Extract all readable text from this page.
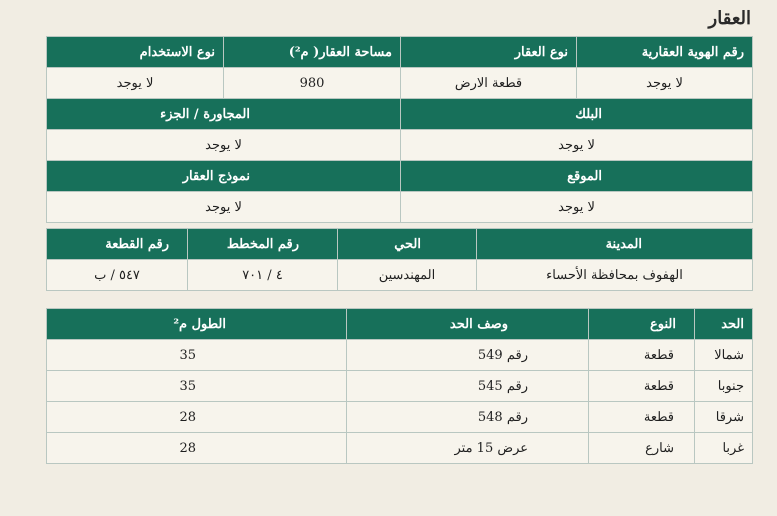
العقار
رقم الهوية العقارية	نوع العقار	مساحة العقار( م²)	نوع الاستخدام
لا يوجد	قطعة الارض	980	لا يوجد
البلك		المجاورة / الجزء	
لا يوجد		لا يوجد	
الموقع		نموذج العقار	
لا يوجد		لا يوجد	
المدينة	الحي	رقم المخطط	رقم القطعة
الهفوف بمحافظة الأحساء	المهندسين	٤ / ٧٠١	٥٤٧ / ب
الحد	النوع	وصف الحد	الطول م²
شمالا	قطعة	رقم 549	35
جنوبا	قطعة	رقم 545	35
شرقا	قطعة	رقم 548	28
غربا	شارع	عرض 15 متر	28
